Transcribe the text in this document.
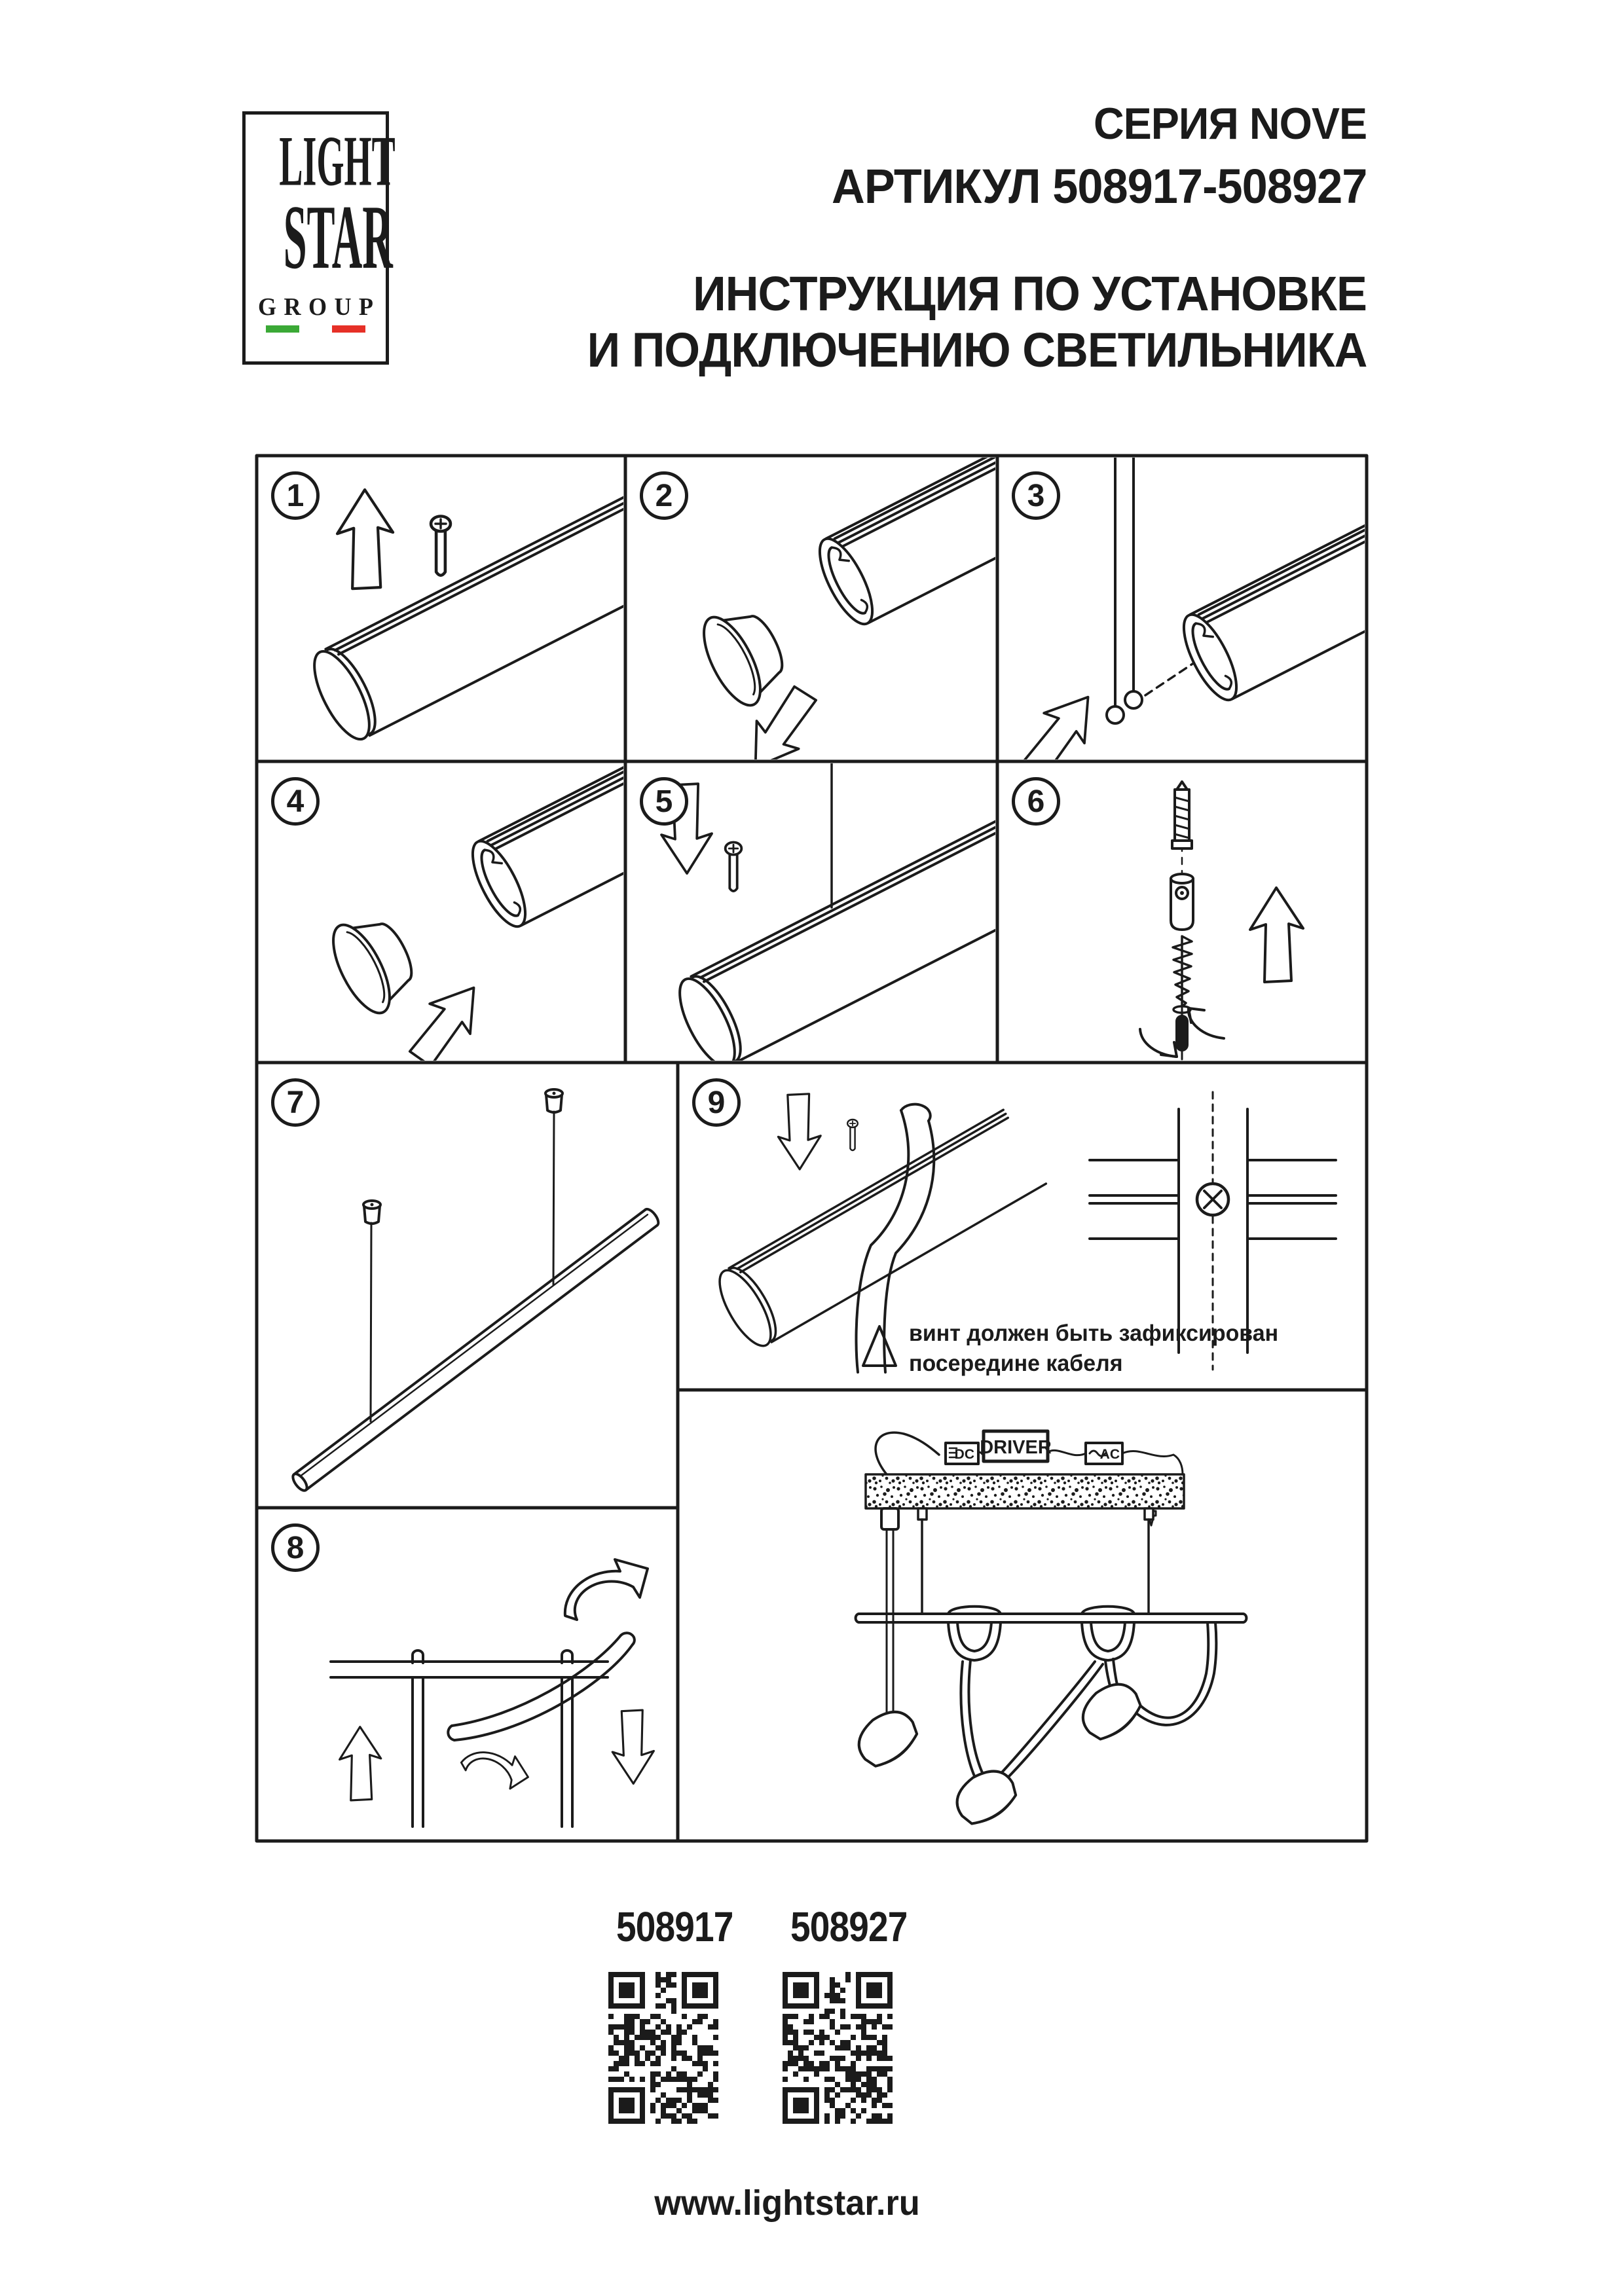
LIGHT
STAR
GROUP
СЕРИЯ NOVE
АРТИКУЛ 508917-508927
ИНСТРУКЦИЯ ПО УСТАНОВКЕ
И ПОДКЛЮЧЕНИЮ СВЕТИЛЬНИКА
DRIVER
DC	AC
1	2	3
4	5	6
7
8
9
винт должен быть зафиксирован
посередине кабеля
508917 508927
www.lightstar.ru
